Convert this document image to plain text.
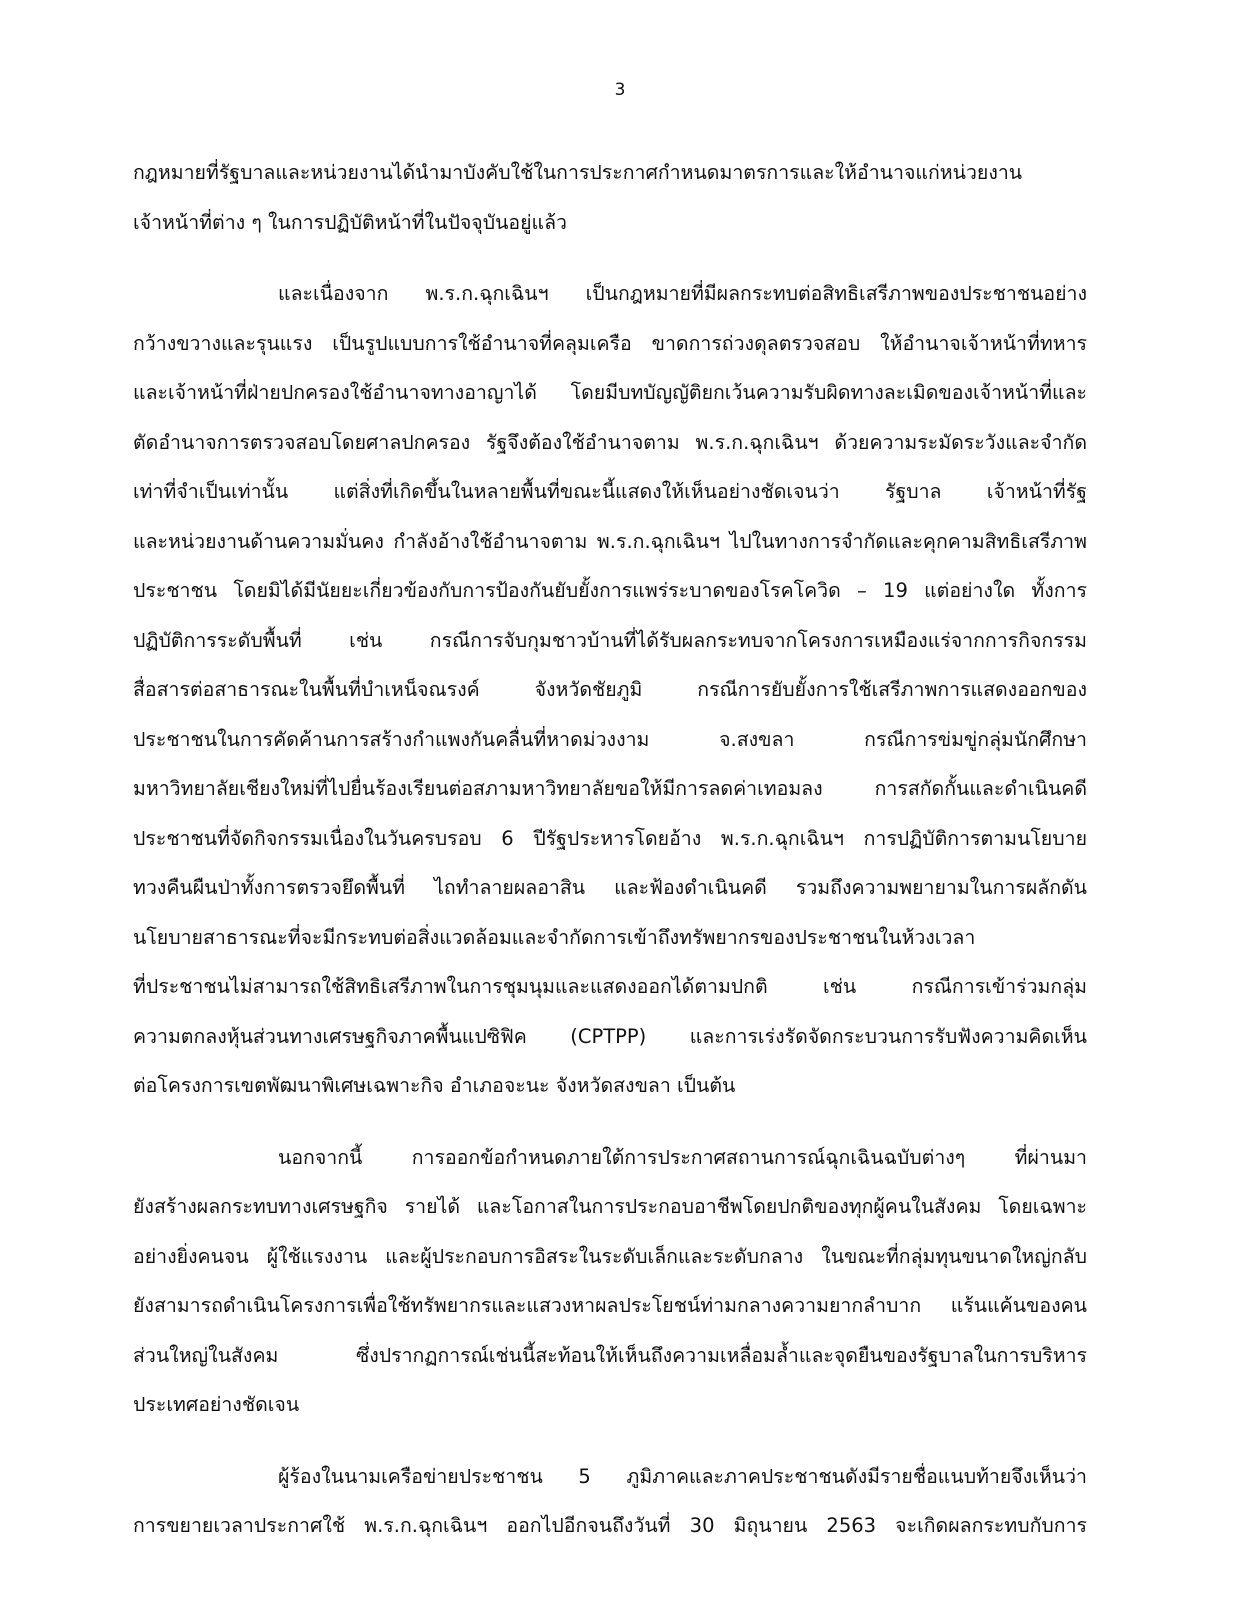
3
กฎหมายที่รัฐบาลและหน่วยงานได้นำมาบังคับใช้ในการประกาศกำหนดมาตรการและให้อำนาจแก่หน่วยงาน
เจ้าหน้าที่ต่าง ๆ ในการปฏิบัติหน้าที่ในปัจจุบันอยู่แล้ว
และเนื่องจาก พ.ร.ก.ฉุกเฉินฯ เป็นกฎหมายที่มีผลกระทบต่อสิทธิเสรีภาพของประชาชนอย่าง
กว้างขวางและรุนแรง เป็นรูปแบบการใช้อำนาจที่คลุมเครือ ขาดการถ่วงดุลตรวจสอบ ให้อำนาจเจ้าหน้าที่ทหาร
และเจ้าหน้าที่ฝ่ายปกครองใช้อำนาจทางอาญาได้ โดยมีบทบัญญัติยกเว้นความรับผิดทางละเมิดของเจ้าหน้าที่และ
ตัดอำนาจการตรวจสอบโดยศาลปกครอง รัฐจึงต้องใช้อำนาจตาม พ.ร.ก.ฉุกเฉินฯ ด้วยความระมัดระวังและจำกัด
เท่าที่จำเป็นเท่านั้น แต่สิ่งที่เกิดขึ้นในหลายพื้นที่ขณะนี้แสดงให้เห็นอย่างชัดเจนว่า รัฐบาล เจ้าหน้าที่รัฐ
และหน่วยงานด้านความมั่นคง กำลังอ้างใช้อำนาจตาม พ.ร.ก.ฉุกเฉินฯ ไปในทางการจำกัดและคุกคามสิทธิเสรีภาพ
ประชาชน โดยมิได้มีนัยยะเกี่ยวข้องกับการป้องกันยับยั้งการแพร่ระบาดของโรคโควิด – 19 แต่อย่างใด ทั้งการ
ปฏิบัติการระดับพื้นที่ เช่น กรณีการจับกุมชาวบ้านที่ได้รับผลกระทบจากโครงการเหมืองแร่จากการกิจกรรม
สื่อสารต่อสาธารณะในพื้นที่บำเหน็จณรงค์ จังหวัดชัยภูมิ กรณีการยับยั้งการใช้เสรีภาพการแสดงออกของ
ประชาชนในการคัดค้านการสร้างกำแพงกันคลื่นที่หาดม่วงงาม จ.สงขลา กรณีการข่มขู่กลุ่มนักศึกษา
มหาวิทยาลัยเชียงใหม่ที่ไปยื่นร้องเรียนต่อสภามหาวิทยาลัยขอให้มีการลดค่าเทอมลง การสกัดกั้นและดำเนินคดี
ประชาชนที่จัดกิจกรรมเนื่องในวันครบรอบ 6 ปีรัฐประหารโดยอ้าง พ.ร.ก.ฉุกเฉินฯ การปฏิบัติการตามนโยบาย
ทวงคืนผืนป่าทั้งการตรวจยึดพื้นที่ ไถทำลายผลอาสิน และฟ้องดำเนินคดี รวมถึงความพยายามในการผลักดัน
นโยบายสาธารณะที่จะมีกระทบต่อสิ่งแวดล้อมและจำกัดการเข้าถึงทรัพยากรของประชาชนในห้วงเวลา
ที่ประชาชนไม่สามารถใช้สิทธิเสรีภาพในการชุมนุมและแสดงออกได้ตามปกติ เช่น กรณีการเข้าร่วมกลุ่ม
ความตกลงหุ้นส่วนทางเศรษฐกิจภาคพื้นแปซิฟิค (CPTPP) และการเร่งรัดจัดกระบวนการรับฟังความคิดเห็น
ต่อโครงการเขตพัฒนาพิเศษเฉพาะกิจ อำเภอจะนะ จังหวัดสงขลา เป็นต้น
นอกจากนี้ การออกข้อกำหนดภายใต้การประกาศสถานการณ์ฉุกเฉินฉบับต่างๆ ที่ผ่านมา
ยังสร้างผลกระทบทางเศรษฐกิจ รายได้ และโอกาสในการประกอบอาชีพโดยปกติของทุกผู้คนในสังคม โดยเฉพาะ
อย่างยิ่งคนจน ผู้ใช้แรงงาน และผู้ประกอบการอิสระในระดับเล็กและระดับกลาง ในขณะที่กลุ่มทุนขนาดใหญ่กลับ
ยังสามารถดำเนินโครงการเพื่อใช้ทรัพยากรและแสวงหาผลประโยชน์ท่ามกลางความยากลำบาก แร้นแค้นของคน
ส่วนใหญ่ในสังคม ซึ่งปรากฏการณ์เช่นนี้สะท้อนให้เห็นถึงความเหลื่อมล้ำและจุดยืนของรัฐบาลในการบริหาร
ประเทศอย่างชัดเจน
ผู้ร้องในนามเครือข่ายประชาชน 5 ภูมิภาคและภาคประชาชนดังมีรายชื่อแนบท้ายจึงเห็นว่า
การขยายเวลาประกาศใช้ พ.ร.ก.ฉุกเฉินฯ ออกไปอีกจนถึงวันที่ 30 มิถุนายน 2563 จะเกิดผลกระทบกับการ
